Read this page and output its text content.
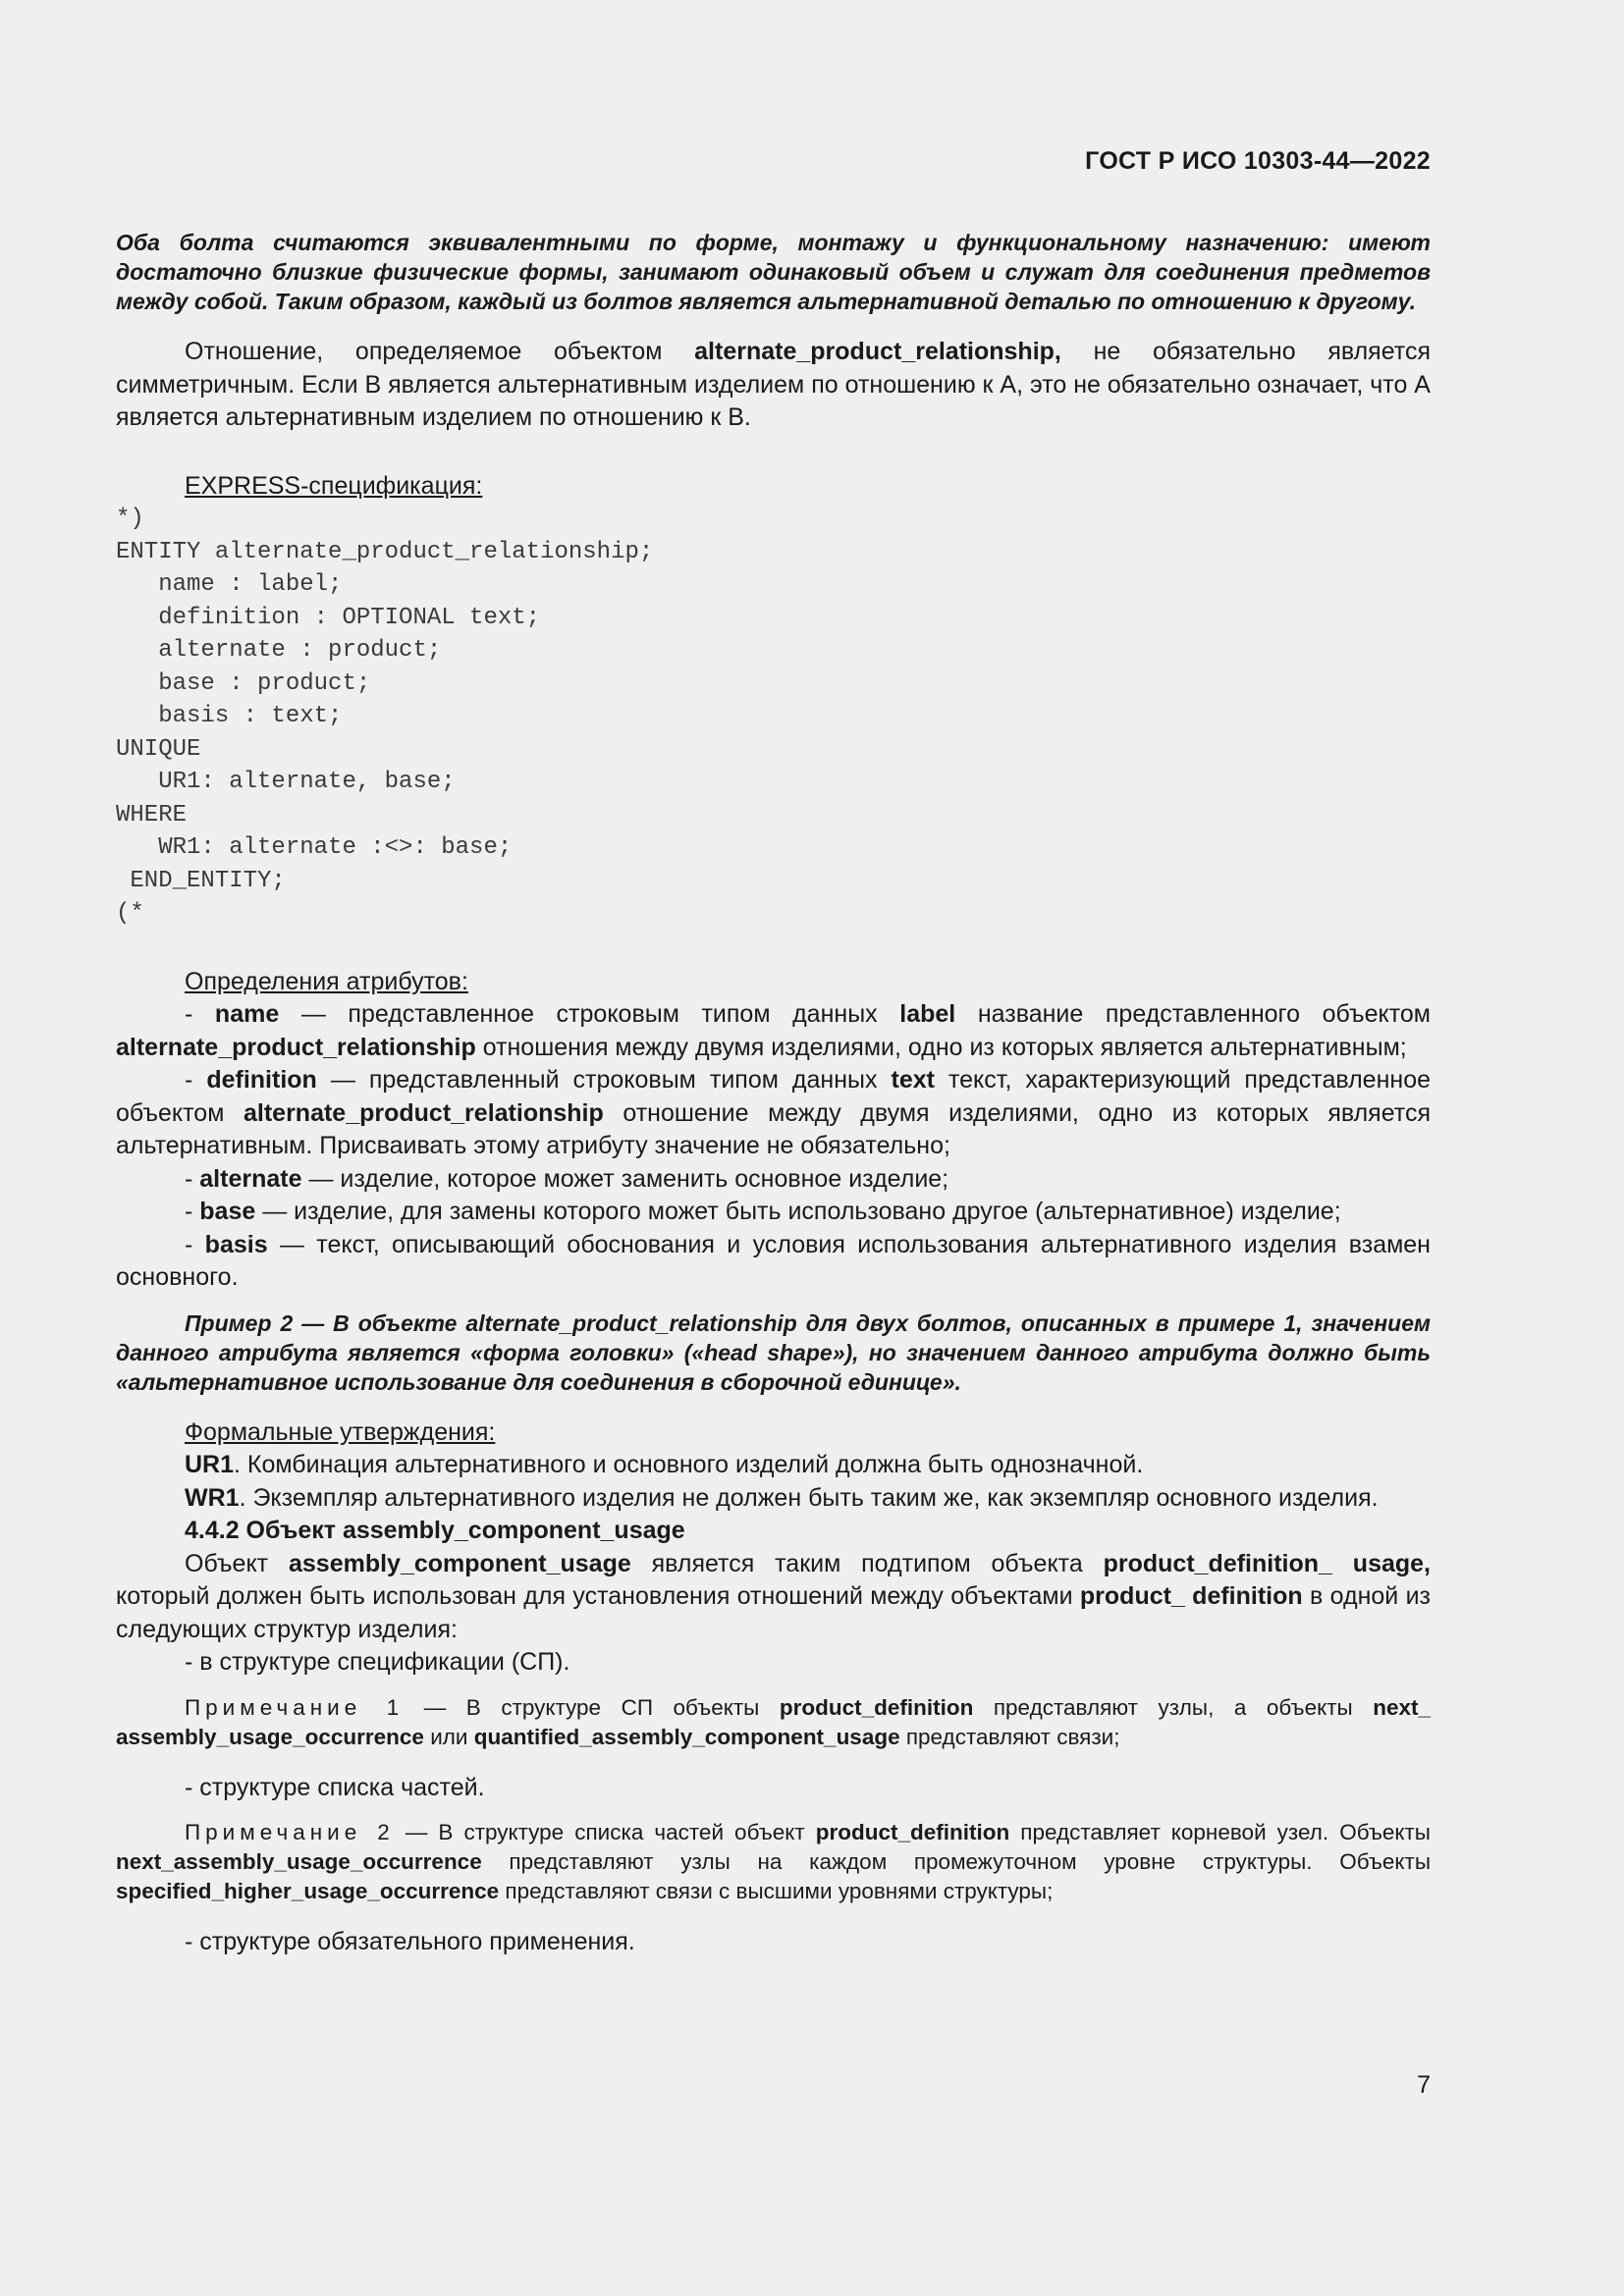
ГОСТ Р ИСО 10303-44—2022

Оба болта считаются эквивалентными по форме, монтажу и функциональному назначению: имеют достаточно близкие физические формы, занимают одинаковый объем и служат для соединения предметов между собой. Таким образом, каждый из болтов является альтернативной деталью по отношению к другому.

Отношение, определяемое объектом alternate_product_relationship, не обязательно является симметричным. Если В является альтернативным изделием по отношению к А, это не обязательно означает, что А является альтернативным изделием по отношению к В.

EXPRESS-спецификация:
*)
ENTITY alternate_product_relationship;
name : label;
definition : OPTIONAL text;
alternate : product;
base : product;
basis : text;
UNIQUE
UR1: alternate, base;
WHERE
WR1: alternate :<>: base;
END_ENTITY;
(*
Определения атрибутов:

- name — представленное строковым типом данных label название представленного объектом alternate_product_relationship отношения между двумя изделиями, одно из которых является альтернативным;

- definition — представленный строковым типом данных text текст, характеризующий представленное объектом alternate_product_relationship отношение между двумя изделиями, одно из которых является альтернативным. Присваивать этому атрибуту значение не обязательно;

- alternate — изделие, которое может заменить основное изделие;

- base — изделие, для замены которого может быть использовано другое (альтернативное) изделие;

- basis — текст, описывающий обоснования и условия использования альтернативного изделия взамен основного.

Пример 2 — В объекте alternate_product_relationship для двух болтов, описанных в примере 1, значением данного атрибута является «форма головки» («head shape»), но значением данного атрибута должно быть «альтернативное использование для соединения в сборочной единице».

Формальные утверждения:

UR1. Комбинация альтернативного и основного изделий должна быть однозначной.

WR1. Экземпляр альтернативного изделия не должен быть таким же, как экземпляр основного изделия.

4.4.2 Объект assembly_component_usage

Объект assembly_component_usage является таким подтипом объекта product_definition_ usage, который должен быть использован для установления отношений между объектами product_ definition в одной из следующих структур изделия:

- в структуре спецификации (СП).

Примечание 1 — В структуре СП объекты product_definition представляют узлы, а объекты next_ assembly_usage_occurrence или quantified_assembly_component_usage представляют связи;

- структуре списка частей.

Примечание 2 — В структуре списка частей объект product_definition представляет корневой узел. Объекты next_assembly_usage_occurrence представляют узлы на каждом промежуточном уровне структуры. Объекты specified_higher_usage_occurrence представляют связи с высшими уровнями структуры;

- структуре обязательного применения.

7
